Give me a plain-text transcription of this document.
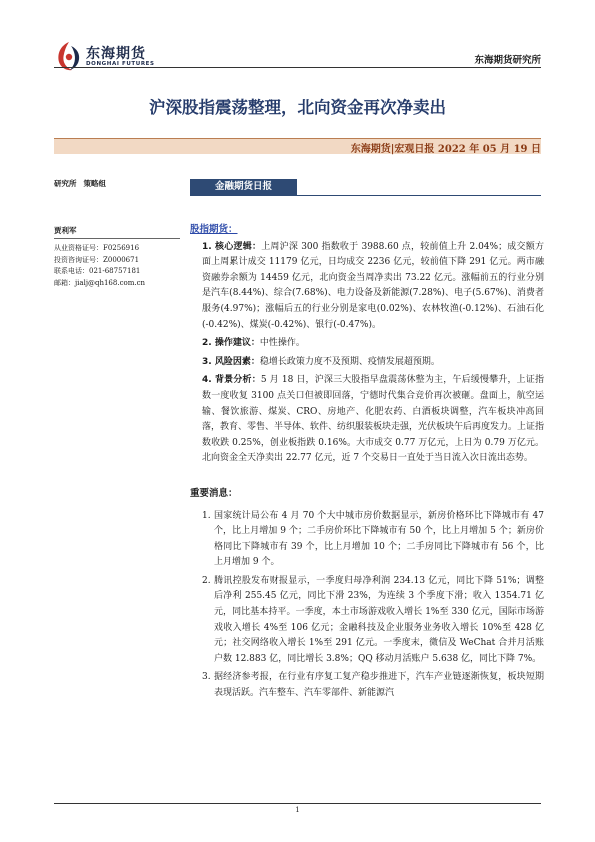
东海期货
DONGHAI FUTURES	东海期货研究所
沪深股指震荡整理，北向资金再次净卖出
东海期货|宏观日报 2022 年 05 月 19 日
研究所 策略组
贾利军
从业资格证号：F0256916
投资咨询证号：Z0000671
联系电话：021-68757181
邮箱：jialj@qh168.com.cn
金融期货日报
股指期货：
1. 核心逻辑：上周沪深 300 指数收于 3988.60 点，较前值上升 2.04%；成交额方面上周累计成交 11179 亿元，日均成交 2236 亿元，较前值下降 291 亿元。两市融资融券余额为 14459 亿元，北向资金当周净卖出 73.22 亿元。涨幅前五的行业分别是汽车(8.44%)、综合(7.68%)、电力设备及新能源(7.28%)、电子(5.67%)、消费者服务(4.97%)；涨幅后五的行业分别是家电(0.02%)、农林牧渔(-0.12%)、石油石化(-0.42%)、煤炭(-0.42%)、银行(-0.47%)。
2. 操作建议：中性操作。
3. 风险因素：稳增长政策力度不及预期、疫情发展超预期。
4. 背景分析：5 月 18 日，沪深三大股指早盘震荡休整为主，午后缓慢攀升，上证指数一度收复 3100 点关口但被即回落，宁德时代集合竞价再次被砸。盘面上，航空运输、餐饮旅游、煤炭、CRO、房地产、化肥农药、白酒板块调整，汽车板块冲高回落，教育、零售、半导体、软件、纺织服装板块走强，光伏板块午后再度发力。上证指数收跌 0.25%，创业板指跌 0.16%。大市成交 0.77 万亿元，上日为 0.79 万亿元。北向资金全天净卖出 22.77 亿元，近 7 个交易日一直处于当日流入次日流出态势。
重要消息：
1. 国家统计局公布 4 月 70 个大中城市房价数据显示，新房价格环比下降城市有 47 个，比上月增加 9 个；二手房价环比下降城市有 50 个，比上月增加 5 个；新房价格同比下降城市有 39 个，比上月增加 10 个；二手房同比下降城市有 56 个，比上月增加 9 个。
2. 腾讯控股发布财报显示，一季度归母净利润 234.13 亿元，同比下降 51%；调整后净利 255.45 亿元，同比下滑 23%，为连续 3 个季度下滑；收入 1354.71 亿元，同比基本持平。一季度，本土市场游戏收入增长 1%至 330 亿元，国际市场游戏收入增长 4%至 106 亿元；金融科技及企业服务业务收入增长 10%至 428 亿元；社交网络收入增长 1%至 291 亿元。一季度末，微信及 WeChat 合并月活账户数 12.883 亿，同比增长 3.8%；QQ 移动月活账户 5.638 亿，同比下降 7%。
3. 据经济参考报，在行业有序复工复产稳步推进下，汽车产业链逐渐恢复，板块短期表现活跃。汽车整车、汽车零部件、新能源汽
1
